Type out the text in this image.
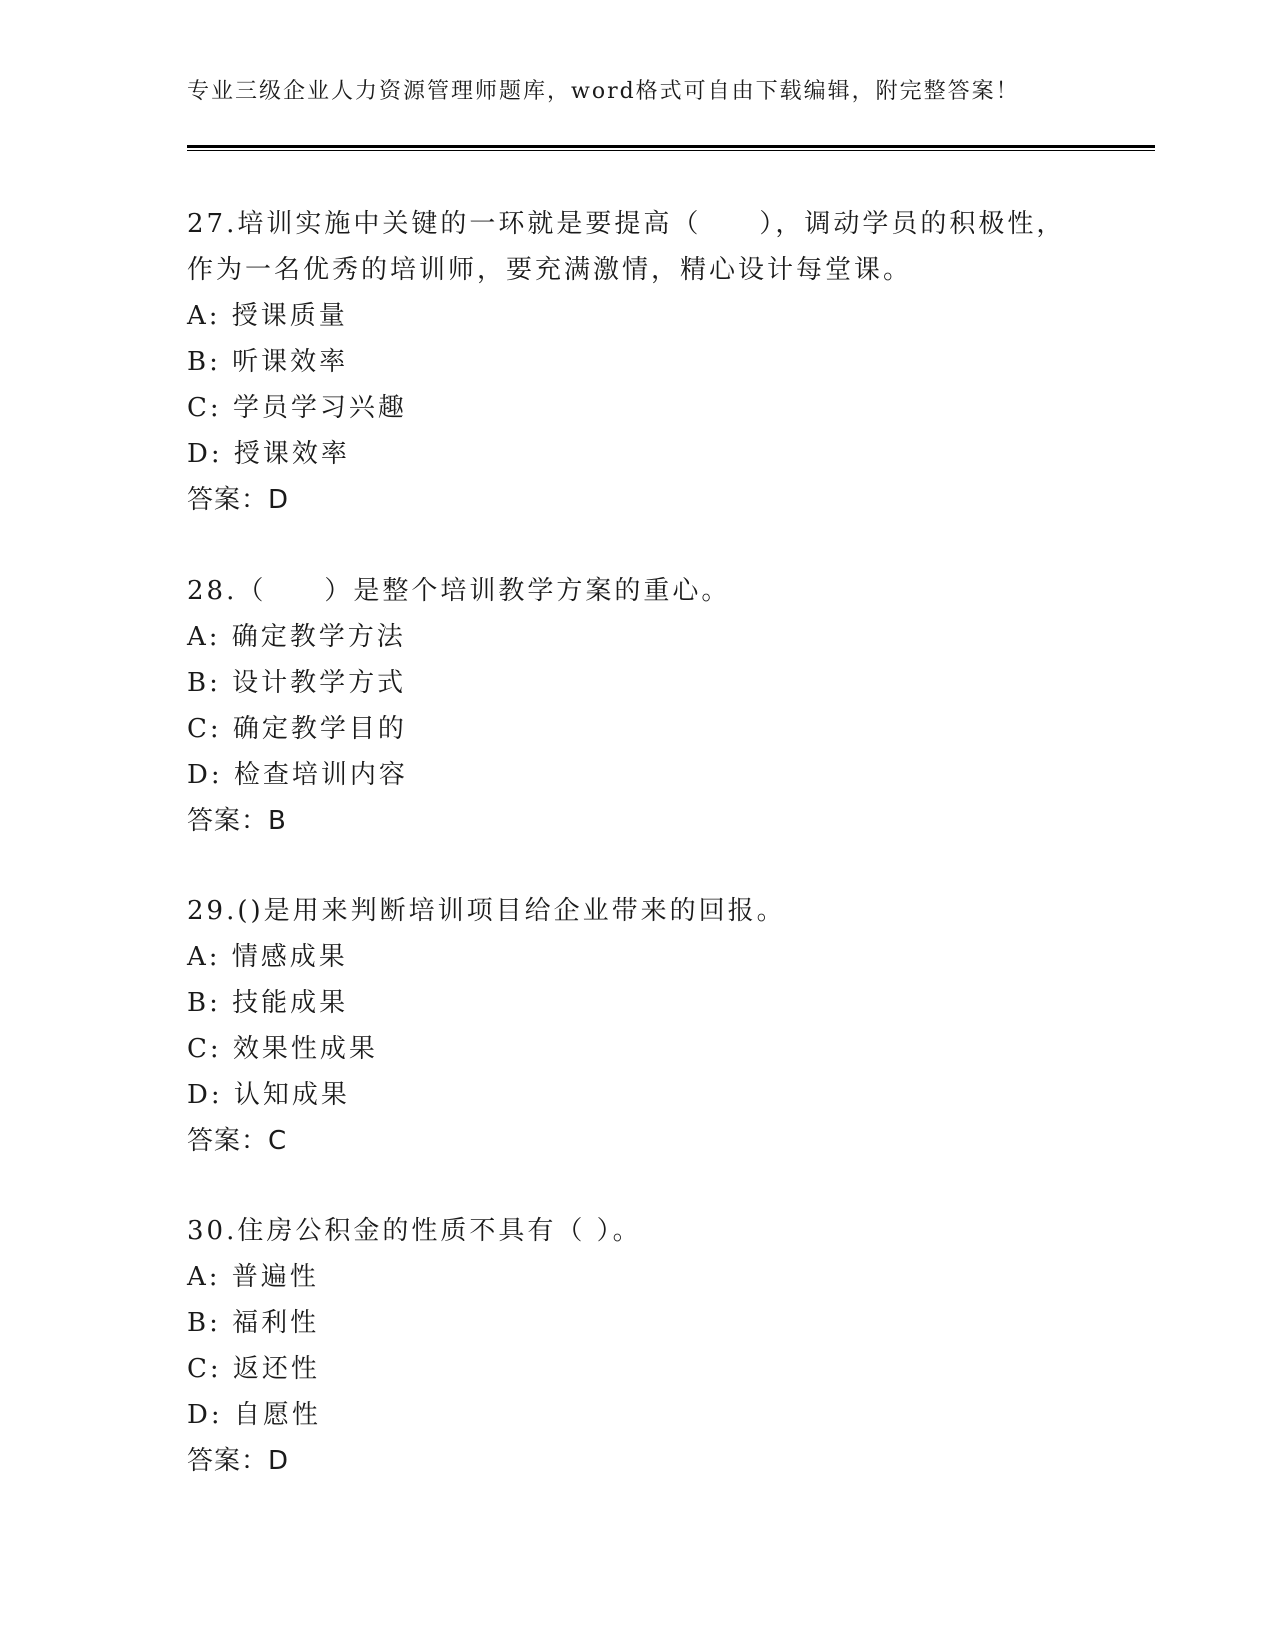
专业三级企业人力资源管理师题库，word格式可自由下载编辑，附完整答案！
27.培训实施中关键的一环就是要提高（　　），调动学员的积极性，作为一名优秀的培训师，要充满激情，精心设计每堂课。
A: 授课质量
B: 听课效率
C: 学员学习兴趣
D: 授课效率
答案：D
28.（　　）是整个培训教学方案的重心。
A: 确定教学方法
B: 设计教学方式
C: 确定教学目的
D: 检查培训内容
答案：B
29.()是用来判断培训项目给企业带来的回报。
A: 情感成果
B: 技能成果
C: 效果性成果
D: 认知成果
答案：C
30.住房公积金的性质不具有（ ）。
A: 普遍性
B: 福利性
C: 返还性
D: 自愿性
答案：D
